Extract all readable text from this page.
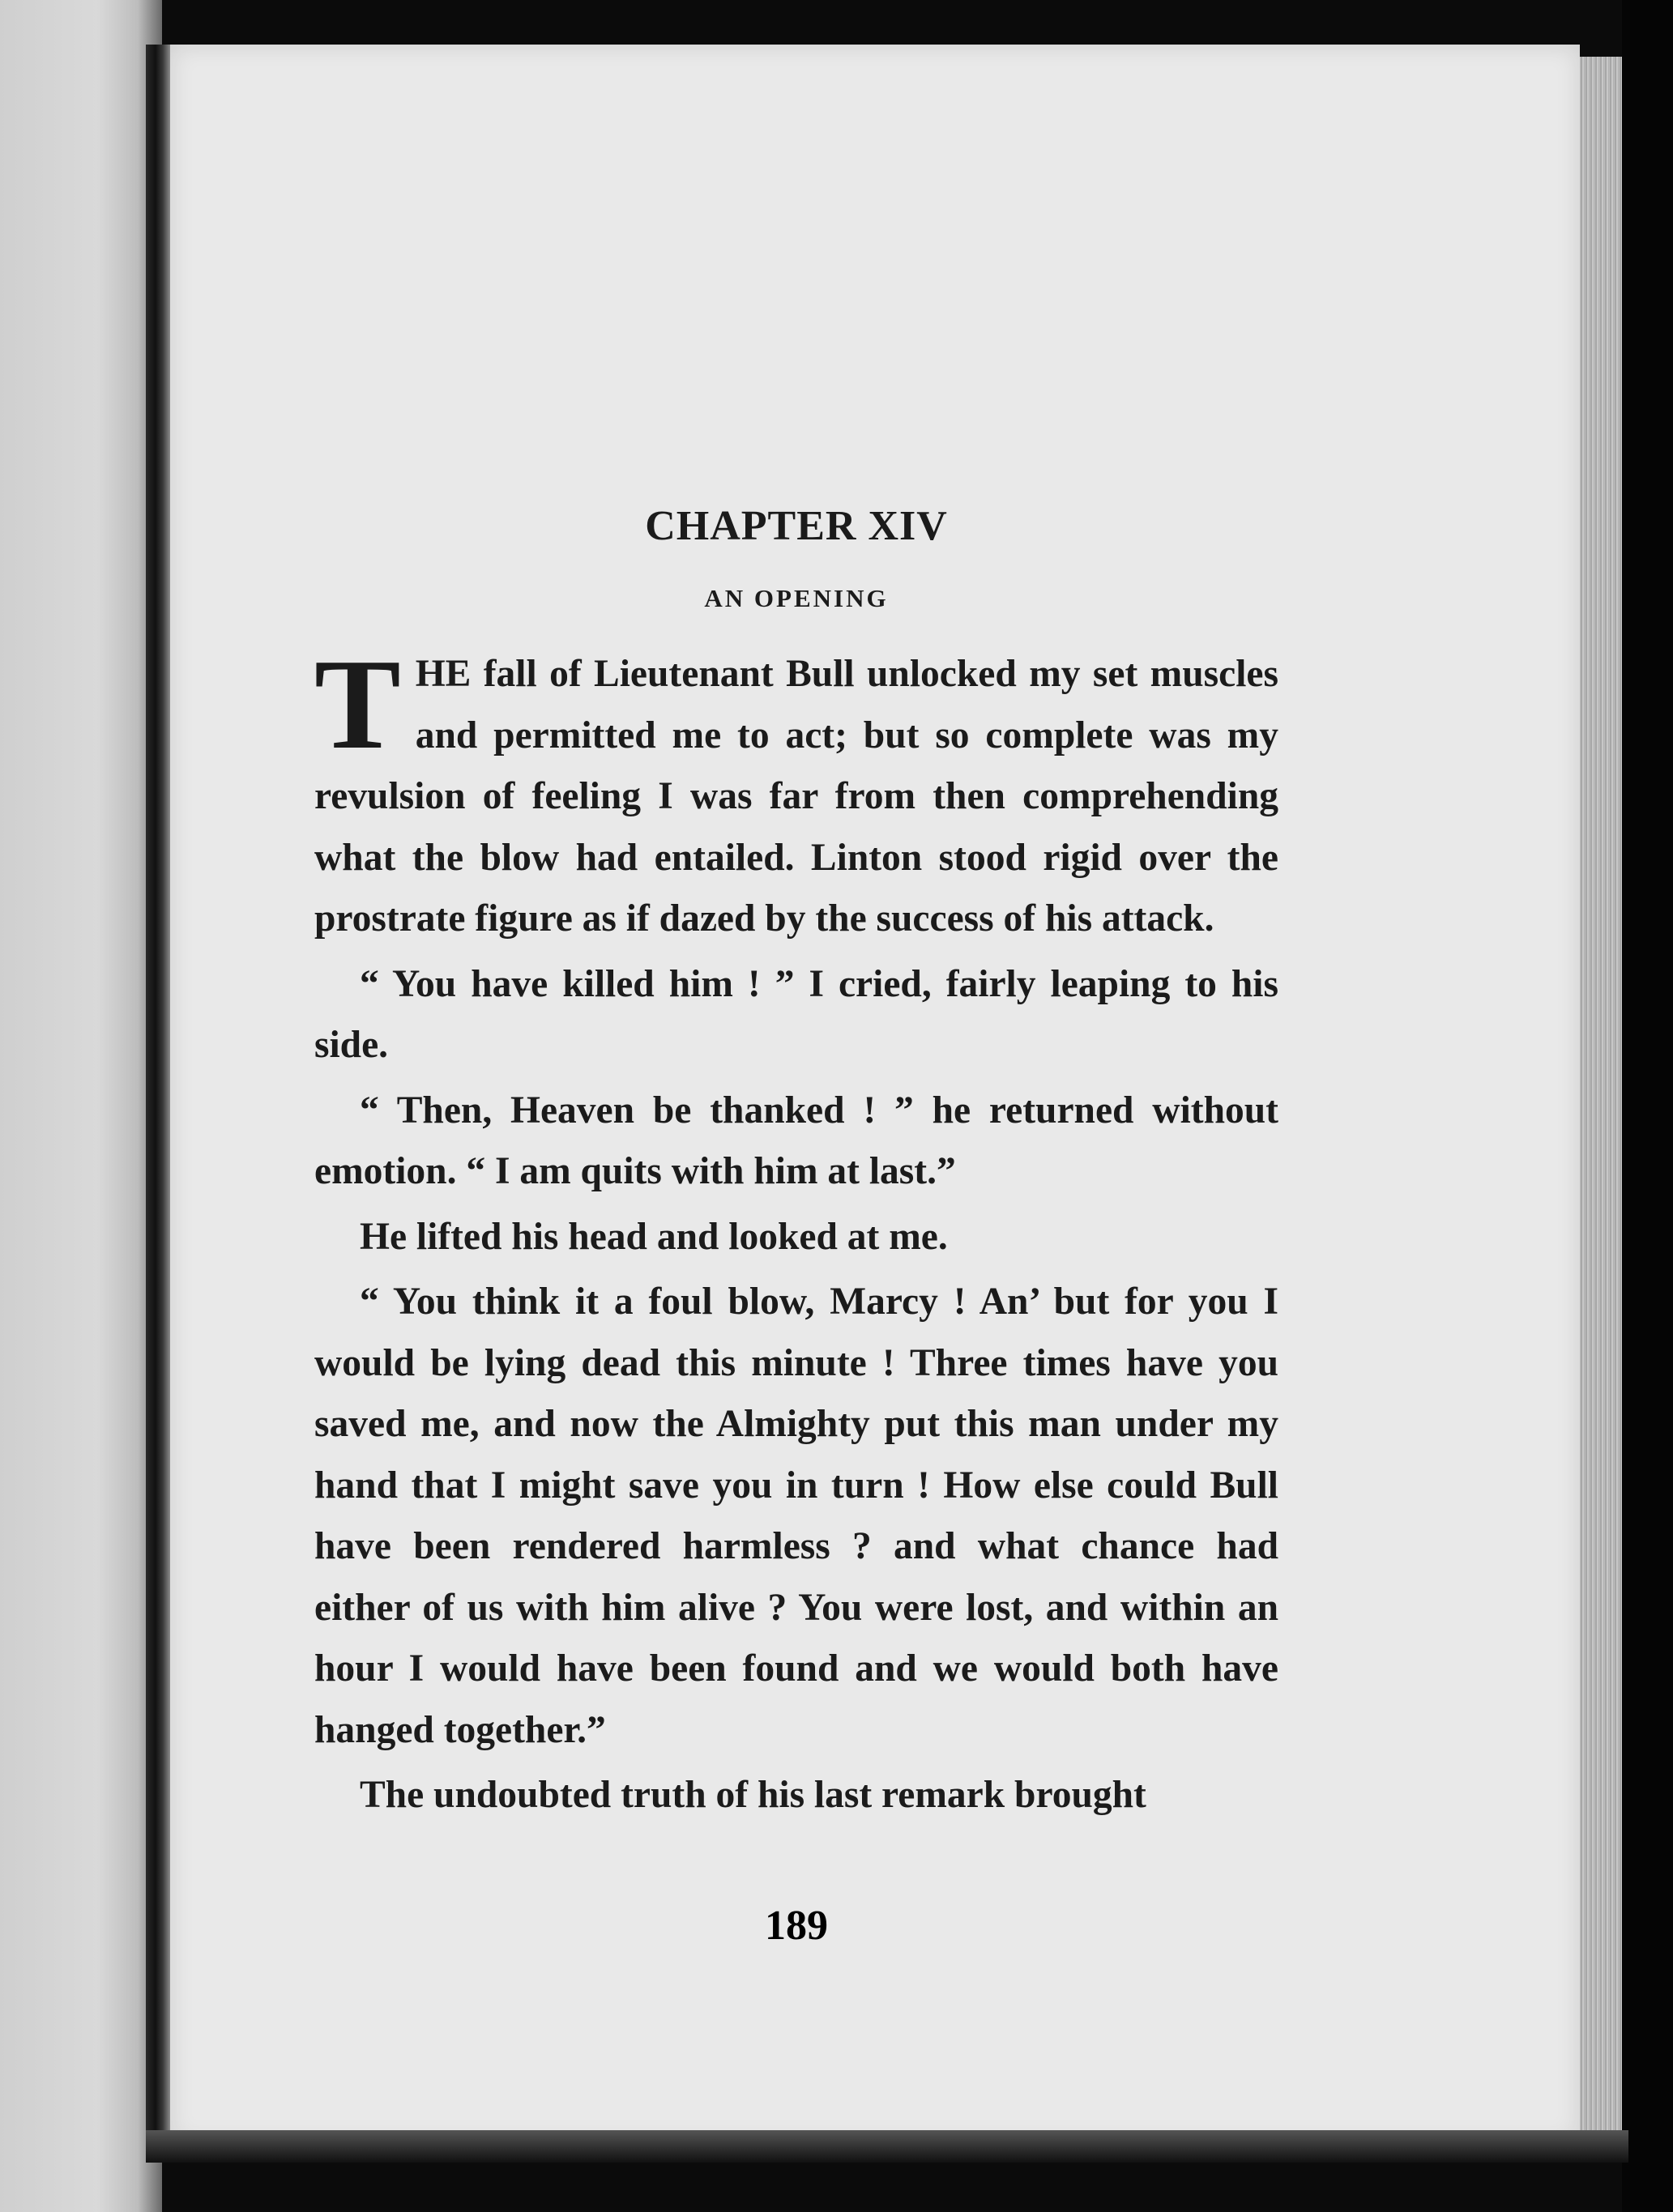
CHAPTER XIV
AN OPENING

THE fall of Lieutenant Bull unlocked my set muscles and permitted me to act; but so complete was my revulsion of feeling I was far from then comprehending what the blow had entailed. Linton stood rigid over the prostrate figure as if dazed by the success of his attack.

“ You have killed him ! ” I cried, fairly leaping to his side.

“ Then, Heaven be thanked ! ” he returned without emotion. “ I am quits with him at last.”

He lifted his head and looked at me.

“ You think it a foul blow, Marcy ! An’ but for you I would be lying dead this minute ! Three times have you saved me, and now the Almighty put this man under my hand that I might save you in turn ! How else could Bull have been rendered harmless ? and what chance had either of us with him alive ? You were lost, and within an hour I would have been found and we would both have hanged together.”

The undoubted truth of his last remark brought

189
